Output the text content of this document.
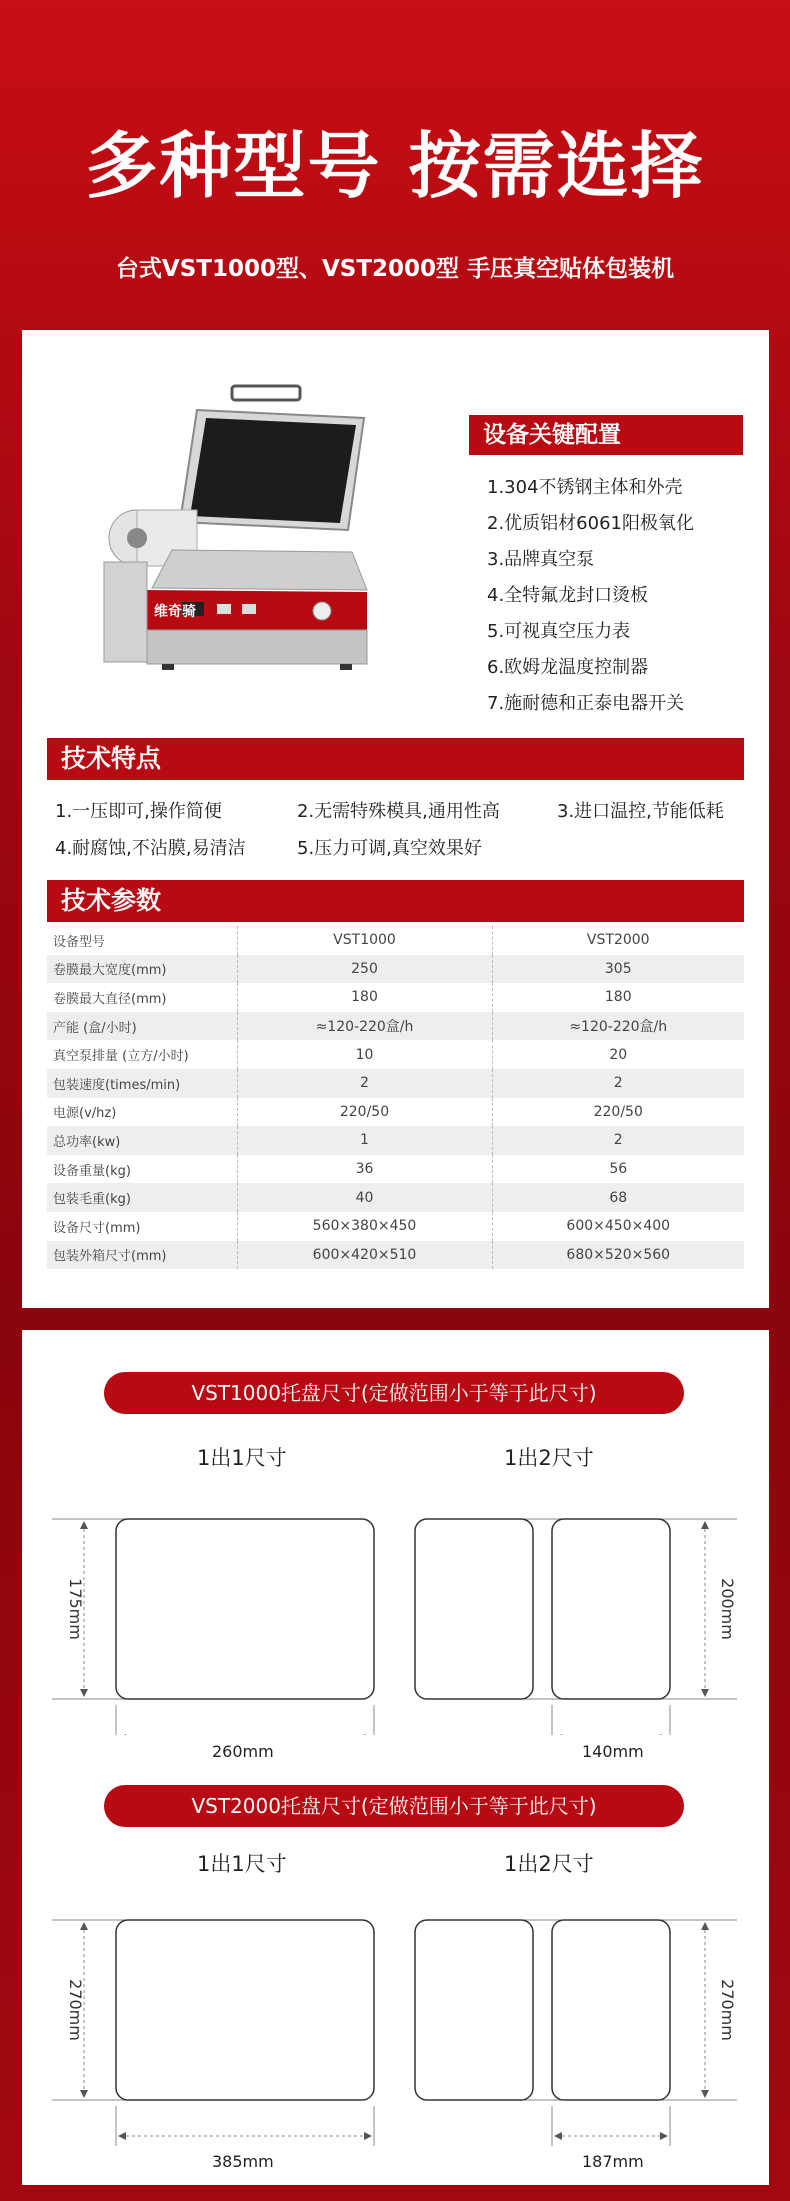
多种型号 按需选择
台式VST1000型、VST2000型 手压真空贴体包装机
维奇骑
设备关键配置
1.304不锈钢主体和外壳
2.优质铝材6061阳极氧化
3.品牌真空泵
4.全特氟龙封口烫板
5.可视真空压力表
6.欧姆龙温度控制器
7.施耐德和正泰电器开关
技术特点
1.一压即可,操作简便	2.无需特殊模具,通用性高	3.进口温控,节能低耗
4.耐腐蚀,不沾膜,易清洁	5.压力可调,真空效果好
技术参数
设备型号	VST1000	VST2000
卷膜最大宽度(mm)	250	305
卷膜最大直径(mm)	180	180
产能 (盒/小时)	≈120-220盒/h	≈120-220盒/h
真空泵排量 (立方/小时)	10	20
包装速度(times/min)	2	2
电源(v/hz)	220/50	220/50
总功率(kw)	1	2
设备重量(kg)	36	56
包装毛重(kg)	40	68
设备尺寸(mm)	560×380×450	600×450×400
包装外箱尺寸(mm)	600×420×510	680×520×560
VST1000托盘尺寸(定做范围小于等于此尺寸)
1出1尺寸	1出2尺寸
175mm	200mm
260mm	140mm
VST2000托盘尺寸(定做范围小于等于此尺寸)
1出1尺寸	1出2尺寸
270mm	270mm
385mm	187mm
